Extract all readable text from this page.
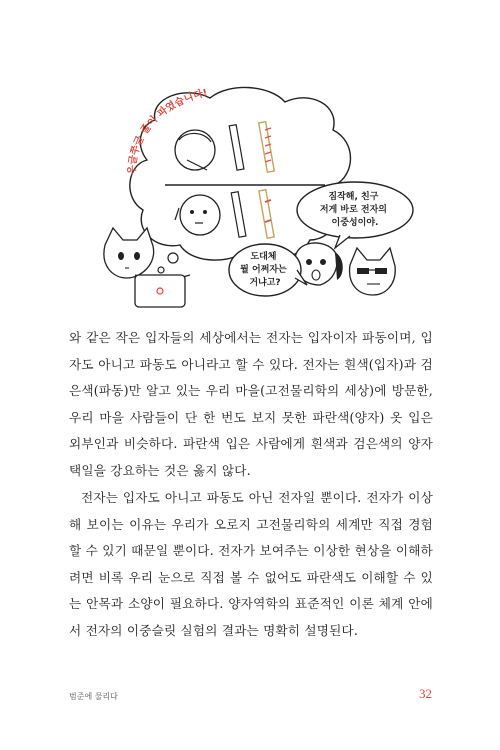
우글쭈글 줄이 파였습니다!
짐작해, 친구 저게 바로 전자의 이중성이야.
도대체 뭘 어쩌자는 거냐고?

와 같은 작은 입자들의 세상에서는 전자는 입자이자 파동이며, 입자도 아니고 파동도 아니라고 할 수 있다. 전자는 흰색(입자)과 검은색(파동)만 알고 있는 우리 마을(고전물리학의 세상)에 방문한, 우리 마을 사람들이 단 한 번도 보지 못한 파란색(양자) 옷 입은 외부인과 비슷하다. 파란색 입은 사람에게 흰색과 검은색의 양자택일을 강요하는 것은 옳지 않다.

전자는 입자도 아니고 파동도 아닌 전자일 뿐이다. 전자가 이상해 보이는 이유는 우리가 오로지 고전물리학의 세계만 직접 경험할 수 있기 때문일 뿐이다. 전자가 보여주는 이상한 현상을 이해하려면 비록 우리 눈으로 직접 볼 수 없어도 파란색도 이해할 수 있는 안목과 소양이 필요하다. 양자역학의 표준적인 이론 체계 안에서 전자의 이중슬릿 실험의 결과는 명확히 설명된다.

범준에 물리다	32
